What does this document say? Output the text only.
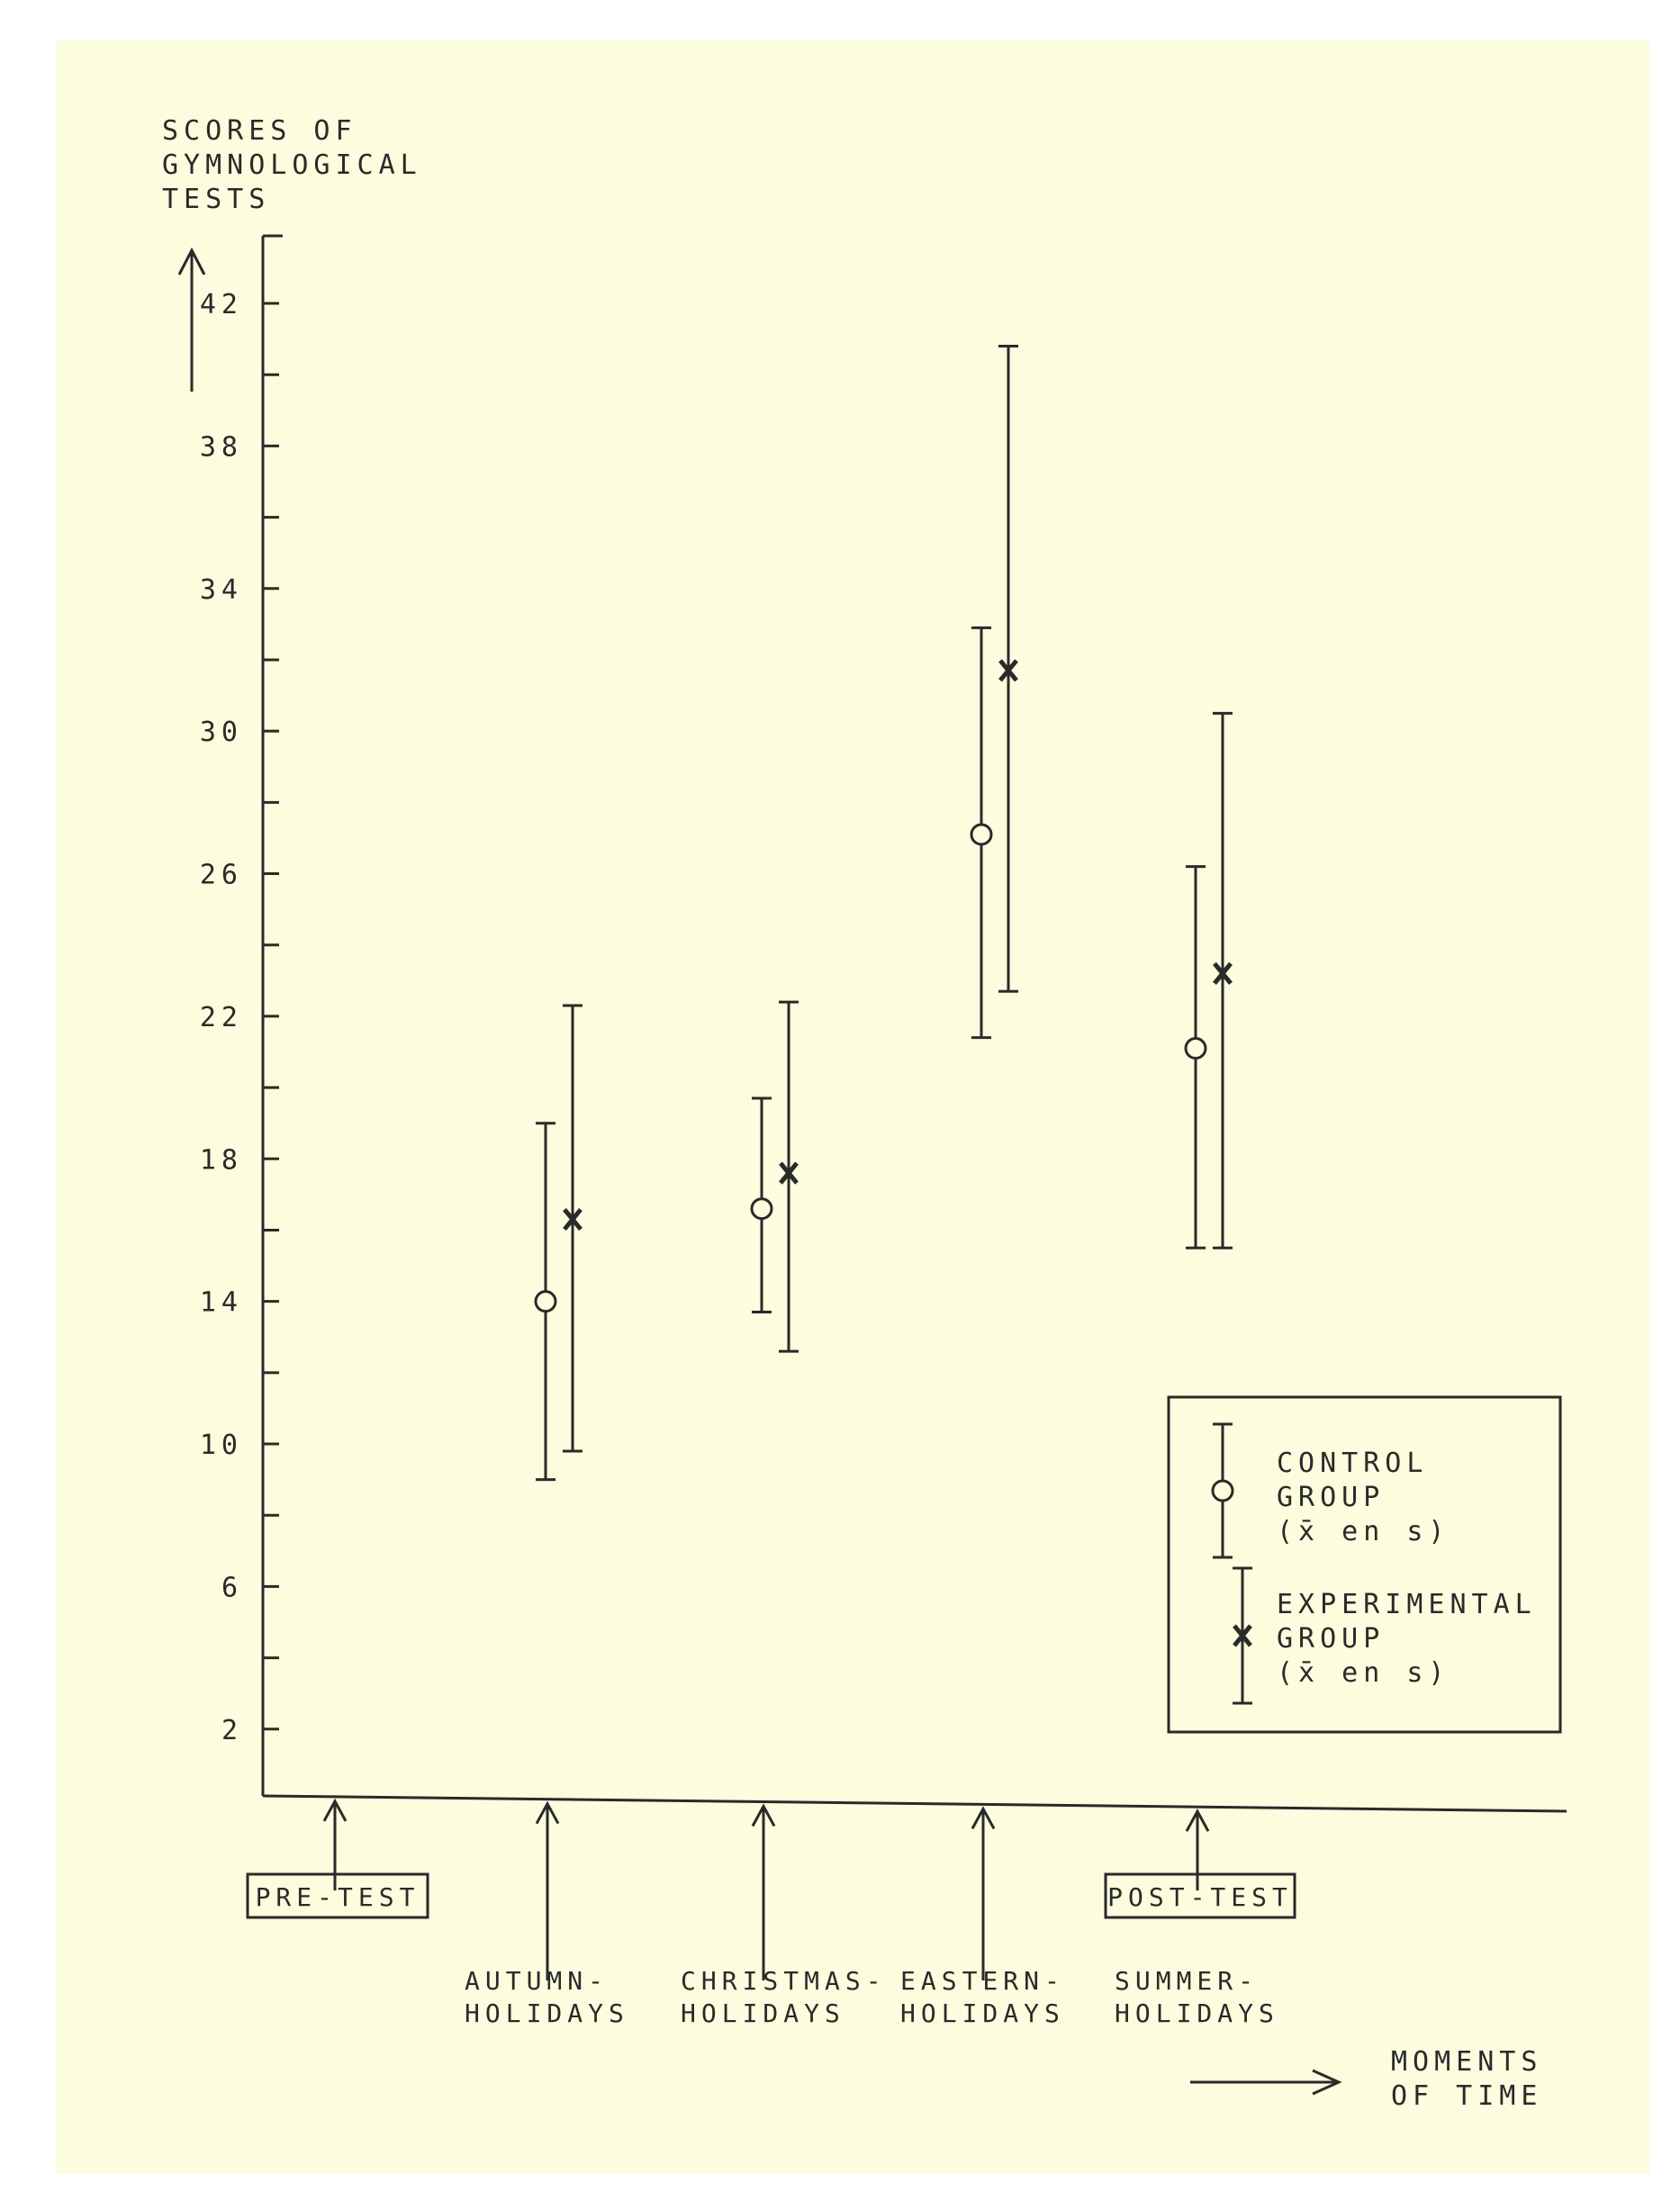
SCORES OF
GYMNOLOGICAL
TESTS
2
6
10
14
18
22
26
30
34
38
42
CONTROL
GROUP
(x̄ en s)
EXPERIMENTAL
GROUP
(x̄ en s)
PRE-TEST
AUTUMN-
HOLIDAYS
CHRISTMAS-
HOLIDAYS
EASTERN-
HOLIDAYS
SUMMER-
HOLIDAYS
POST-TEST
MOMENTS
OF TIME
